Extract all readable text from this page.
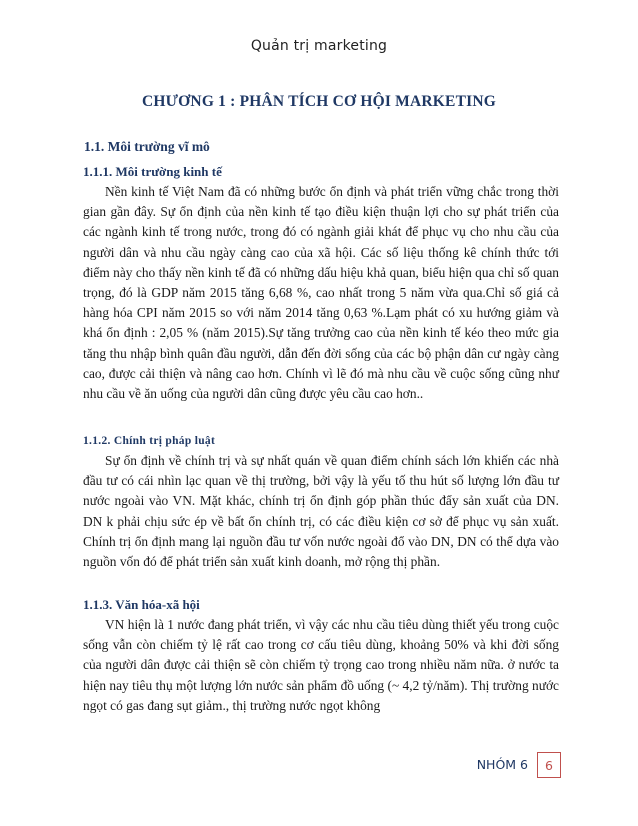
Quản trị marketing
CHƯƠNG 1 : PHÂN TÍCH CƠ HỘI MARKETING
1.1. Môi trường vĩ mô
1.1.1. Môi trường kinh tế

Nền kinh tế Việt Nam đã có những bước ổn định và phát triển vững chắc trong thời gian gần đây. Sự ổn định của nền kinh tế tạo điều kiện thuận lợi cho sự phát triển của các ngành kinh tế trong nước, trong đó có ngành giải khát để phục vụ cho nhu cầu của người dân và nhu cầu ngày càng cao của xã hội. Các số liệu thống kê chính thức tới điểm này cho thấy nền kinh tế đã có những dấu hiệu khả quan, biểu hiện qua chỉ số quan trọng, đó là GDP năm 2015 tăng 6,68 %, cao nhất trong 5 năm vừa qua.Chỉ số giá cả hàng hóa CPI năm 2015 so với năm 2014 tăng 0,63 %.Lạm phát có xu hướng giảm và khá ổn định : 2,05 % (năm 2015).Sự tăng trưởng cao của nền kinh tế kéo theo mức gia tăng thu nhập bình quân đầu người, dẫn đến đời sống của các bộ phận dân cư ngày càng cao, được cải thiện và nâng cao hơn. Chính vì lẽ đó mà nhu cầu về cuộc sống cũng như nhu cầu về ăn uống của người dân cũng được yêu cầu cao hơn..

1.1.2. Chính trị pháp luật

Sự ổn định về chính trị và sự nhất quán về quan điểm chính sách lớn khiến các nhà đầu tư có cái nhìn lạc quan về thị trường, bởi vậy là yếu tố thu hút số lượng lớn đầu tư nước ngoài vào VN. Mặt khác, chính trị ổn định góp phần thúc đẩy sản xuất của DN. DN k phải chịu sức ép về bất ổn chính trị, có các điều kiện cơ sở để phục vụ sản xuất. Chính trị ổn định mang lại nguồn đầu tư vốn nước ngoài đổ vào DN, DN có thể dựa vào nguồn vốn đó để phát triển sản xuất kinh doanh, mở rộng thị phần.

1.1.3. Văn hóa-xã hội

VN hiện là 1 nước đang phát triển, vì vậy các nhu cầu tiêu dùng thiết yếu trong cuộc sống vẫn còn chiếm tỷ lệ rất cao trong cơ cấu tiêu dùng, khoảng 50% và khi đời sống của người dân được cải thiện sẽ còn chiếm tỷ trọng cao trong nhiều năm nữa. ở nước ta hiện nay tiêu thụ một lượng lớn nước sản phẩm đồ uống (~ 4,2 tỷ/năm). Thị trường nước ngọt có gas đang sụt giảm., thị trường nước ngọt không

NHÓM 6	6
